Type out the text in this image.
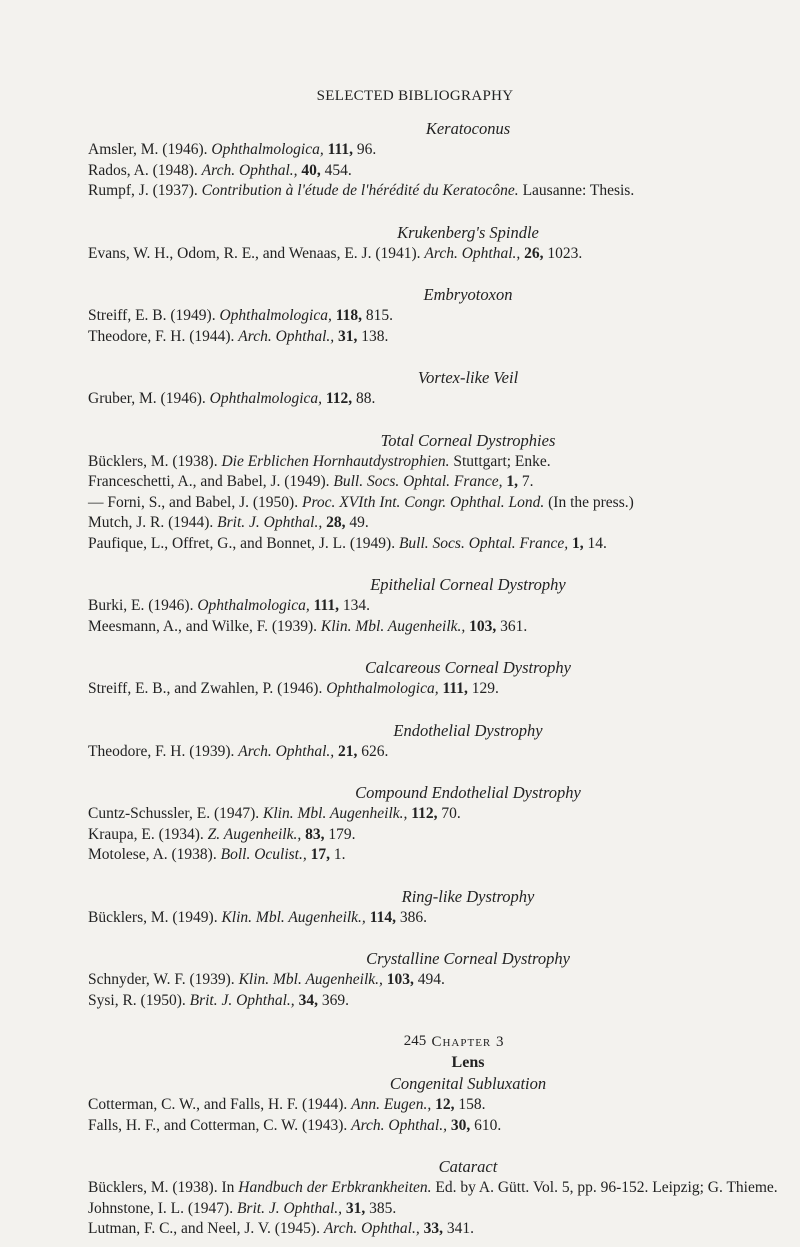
SELECTED BIBLIOGRAPHY
Keratoconus
Amsler, M. (1946). Ophthalmologica, 111, 96.
Rados, A. (1948). Arch. Ophthal., 40, 454.
Rumpf, J. (1937). Contribution à l'étude de l'hérédité du Keratocône. Lausanne: Thesis.
Krukenberg's Spindle
Evans, W. H., Odom, R. E., and Wenaas, E. J. (1941). Arch. Ophthal., 26, 1023.
Embryotoxon
Streiff, E. B. (1949). Ophthalmologica, 118, 815.
Theodore, F. H. (1944). Arch. Ophthal., 31, 138.
Vortex-like Veil
Gruber, M. (1946). Ophthalmologica, 112, 88.
Total Corneal Dystrophies
Bücklers, M. (1938). Die Erblichen Hornhautdystrophien. Stuttgart; Enke.
Franceschetti, A., and Babel, J. (1949). Bull. Socs. Ophtal. France, 1, 7.
— Forni, S., and Babel, J. (1950). Proc. XVIth Int. Congr. Ophthal. Lond. (In the press.)
Mutch, J. R. (1944). Brit. J. Ophthal., 28, 49.
Paufique, L., Offret, G., and Bonnet, J. L. (1949). Bull. Socs. Ophtal. France, 1, 14.
Epithelial Corneal Dystrophy
Burki, E. (1946). Ophthalmologica, 111, 134.
Meesmann, A., and Wilke, F. (1939). Klin. Mbl. Augenheilk., 103, 361.
Calcareous Corneal Dystrophy
Streiff, E. B., and Zwahlen, P. (1946). Ophthalmologica, 111, 129.
Endothelial Dystrophy
Theodore, F. H. (1939). Arch. Ophthal., 21, 626.
Compound Endothelial Dystrophy
Cuntz-Schussler, E. (1947). Klin. Mbl. Augenheilk., 112, 70.
Kraupa, E. (1934). Z. Augenheilk., 83, 179.
Motolese, A. (1938). Boll. Oculist., 17, 1.
Ring-like Dystrophy
Bücklers, M. (1949). Klin. Mbl. Augenheilk., 114, 386.
Crystalline Corneal Dystrophy
Schnyder, W. F. (1939). Klin. Mbl. Augenheilk., 103, 494.
Sysi, R. (1950). Brit. J. Ophthal., 34, 369.
Chapter 3
Lens
Congenital Subluxation
Cotterman, C. W., and Falls, H. F. (1944). Ann. Eugen., 12, 158.
Falls, H. F., and Cotterman, C. W. (1943). Arch. Ophthal., 30, 610.
Cataract
Bücklers, M. (1938). In Handbuch der Erbkrankheiten. Ed. by A. Gütt. Vol. 5, pp. 96-152. Leipzig; G. Thieme.
Johnstone, I. L. (1947). Brit. J. Ophthal., 31, 385.
Lutman, F. C., and Neel, J. V. (1945). Arch. Ophthal., 33, 341.
245
